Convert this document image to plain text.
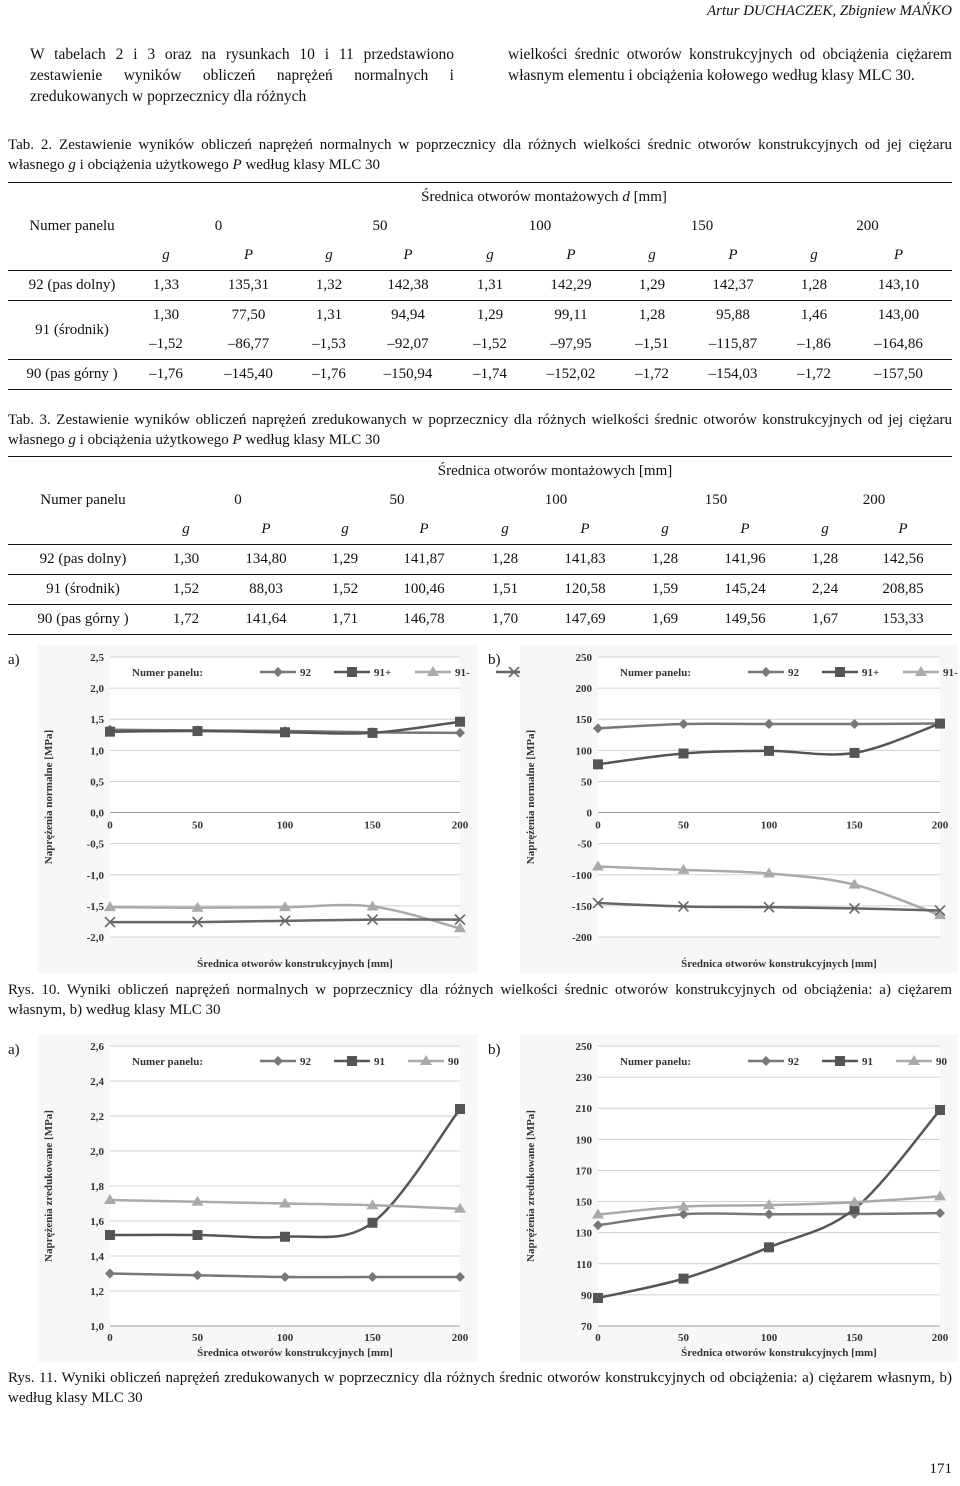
Artur DUCHACZEK, Zbigniew MAŃKO
W tabelach 2 i 3 oraz na rysunkach 10 i 11 przedstawiono zestawienie wyników obliczeń naprężeń normalnych i zredukowanych w poprzecznicy dla różnych
wielkości średnic otworów konstrukcyjnych od obciążenia ciężarem własnym elementu i obciążenia kołowego według klasy MLC 30.
Tab. 2. Zestawienie wyników obliczeń naprężeń normalnych w poprzecznicy dla różnych wielkości średnic otworów konstrukcyjnych od jej ciężaru własnego g i obciążenia użytkowego P według klasy MLC 30
	Średnica otworów montażowych d [mm]									
Numer panelu	0		50		100		150		200	
	g	P	g	P	g	P	g	P	g	P
92 (pas dolny)	1,33	135,31	1,32	142,38	1,31	142,29	1,29	142,37	1,28	143,10
91 (środnik)	1,30	77,50	1,31	94,94	1,29	99,11	1,28	95,88	1,46	143,00
	–1,52	–86,77	–1,53	–92,07	–1,52	–97,95	–1,51	–115,87	–1,86	–164,86
90 (pas górny )	–1,76	–145,40	–1,76	–150,94	–1,74	–152,02	–1,72	–154,03	–1,72	–157,50
Tab. 3. Zestawienie wyników obliczeń naprężeń zredukowanych w poprzecznicy dla różnych wielkości średnic otworów konstrukcyjnych od jej ciężaru własnego g i obciążenia użytkowego P według klasy MLC 30
	Średnica otworów montażowych [mm]									
Numer panelu	0		50		100		150		200	
	g	P	g	P	g	P	g	P	g	P
92 (pas dolny)	1,30	134,80	1,29	141,87	1,28	141,83	1,28	141,96	1,28	142,56
91 (środnik)	1,52	88,03	1,52	100,46	1,51	120,58	1,59	145,24	2,24	208,85
90 (pas górny )	1,72	141,64	1,71	146,78	1,70	147,69	1,69	149,56	1,67	153,33
a)	b)
2,5
2,0
1,5
1,0
0,5
0,0
-0,5
-1,0
-1,5
-2,0
0	50	100	150	200
Średnica otworów konstrukcyjnych [mm]
Naprężenia normalne [MPa]
Numer panelu:	92	91+	91-
250
200
150
100
50
0
-50
-100
-150
-200
0	50	100	150	200
Średnica otworów konstrukcyjnych [mm]
Naprężenia normalne [MPa]
Numer panelu:	92	91+	91-
Rys. 10. Wyniki obliczeń naprężeń normalnych w poprzecznicy dla różnych wielkości średnic otworów konstrukcyjnych od obciążenia: a) ciężarem własnym, b) według klasy MLC 30
a)	b)
2,6
2,4
2,2
2,0
1,8
1,6
1,4
1,2
1,0
0	50	100	150	200
Średnica otworów konstrukcyjnych [mm]
Naprężenia zredukowane [MPa]
Numer panelu:	92	91	90
250
230
210
190
170
150
130
110
90
70
0	50	100	150	200
Średnica otworów konstrukcyjnych [mm]
Naprężenia zredukowane [MPa]
Numer panelu:	92	91	90
Rys. 11. Wyniki obliczeń naprężeń zredukowanych w poprzecznicy dla różnych średnic otworów konstrukcyjnych od obciążenia: a) ciężarem własnym, b) według klasy MLC 30
171
